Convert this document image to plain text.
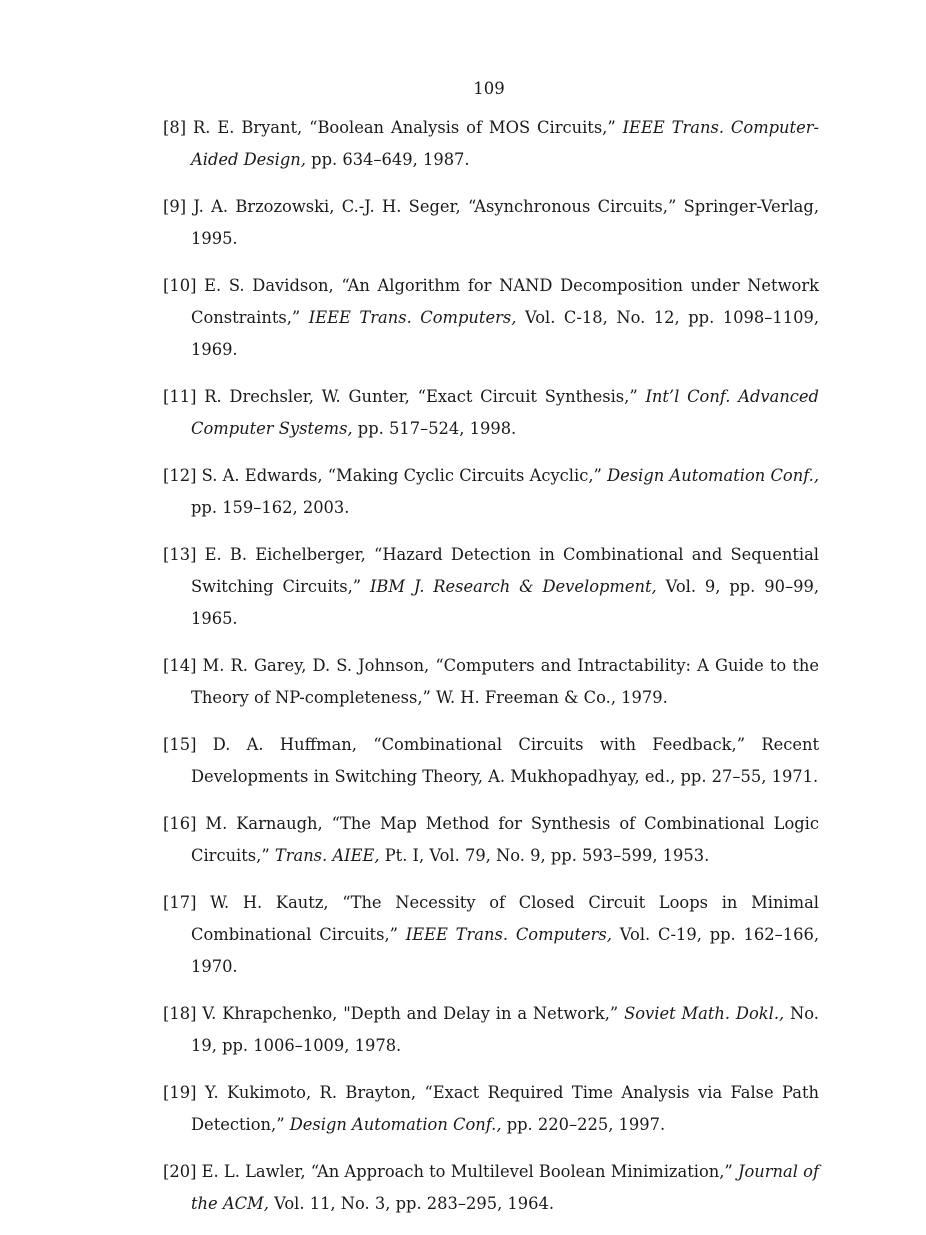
109

[8] R. E. Bryant, “Boolean Analysis of MOS Circuits,” IEEE Trans. Computer-Aided Design, pp. 634–649, 1987.

[9] J. A. Brzozowski, C.-J. H. Seger, “Asynchronous Circuits,” Springer-Verlag, 1995.

[10] E. S. Davidson, “An Algorithm for NAND Decomposition under Network Constraints,” IEEE Trans. Computers, Vol. C-18, No. 12, pp. 1098–1109, 1969.

[11] R. Drechsler, W. Gunter, “Exact Circuit Synthesis,” Int’l Conf. Advanced Computer Systems, pp. 517–524, 1998.

[12] S. A. Edwards, “Making Cyclic Circuits Acyclic,” Design Automation Conf., pp. 159–162, 2003.

[13] E. B. Eichelberger, “Hazard Detection in Combinational and Sequential Switching Circuits,” IBM J. Research & Development, Vol. 9, pp. 90–99, 1965.

[14] M. R. Garey, D. S. Johnson, “Computers and Intractability: A Guide to the Theory of NP-completeness,” W. H. Freeman & Co., 1979.

[15] D. A. Huffman, “Combinational Circuits with Feedback,” Recent Developments in Switching Theory, A. Mukhopadhyay, ed., pp. 27–55, 1971.

[16] M. Karnaugh, “The Map Method for Synthesis of Combinational Logic Circuits,” Trans. AIEE, Pt. I, Vol. 79, No. 9, pp. 593–599, 1953.

[17] W. H. Kautz, “The Necessity of Closed Circuit Loops in Minimal Combinational Circuits,” IEEE Trans. Computers, Vol. C-19, pp. 162–166, 1970.

[18] V. Khrapchenko, "Depth and Delay in a Network,” Soviet Math. Dokl., No. 19, pp. 1006–1009, 1978.

[19] Y. Kukimoto, R. Brayton, “Exact Required Time Analysis via False Path Detection,” Design Automation Conf., pp. 220–225, 1997.

[20] E. L. Lawler, “An Approach to Multilevel Boolean Minimization,” Journal of the ACM, Vol. 11, No. 3, pp. 283–295, 1964.
